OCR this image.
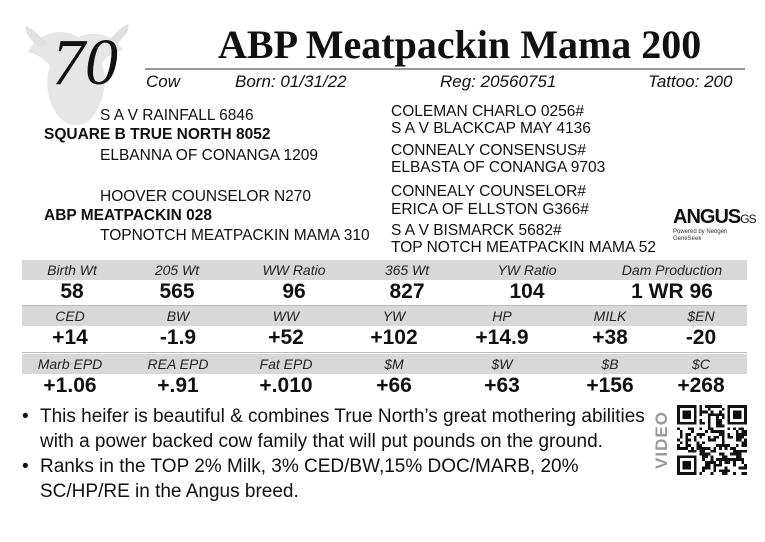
70	ABP Meatpackin Mama 200
Cow	Born: 01/31/22	Reg: 20560751	Tattoo: 200
S A V RAINFALL 6846
SQUARE B TRUE NORTH 8052
ELBANNA OF CONANGA 1209
COLEMAN CHARLO 0256#
S A V BLACKCAP MAY 4136
CONNEALY CONSENSUS#
ELBASTA OF CONANGA 9703
HOOVER COUNSELOR N270
ABP MEATPACKIN 028
TOPNOTCH MEATPACKIN MAMA 310
CONNEALY COUNSELOR#
ERICA OF ELLSTON G366#
S A V BISMARCK 5682#
TOP NOTCH MEATPACKIN MAMA 52
ANGUSGS
Powered by Neogen GeneSeek
Birth Wt	205 Wt	WW Ratio	365 Wt	YW Ratio	Dam Production
58	565	96	827	104	1 WR 96
CED	BW	WW	YW	HP	MILK	$EN
+14	-1.9	+52	+102	+14.9	+38	-20
Marb EPD	REA EPD	Fat EPD	$M	$W	$B	$C
+1.06	+.91	+.010	+66	+63	+156	+268
• This heifer is beautiful & combines True North’s great mothering abilities with a power backed cow family that will put pounds on the ground.
• Ranks in the TOP 2% Milk, 3% CED/BW,15% DOC/MARB, 20% SC/HP/RE in the Angus breed.
VIDEO
